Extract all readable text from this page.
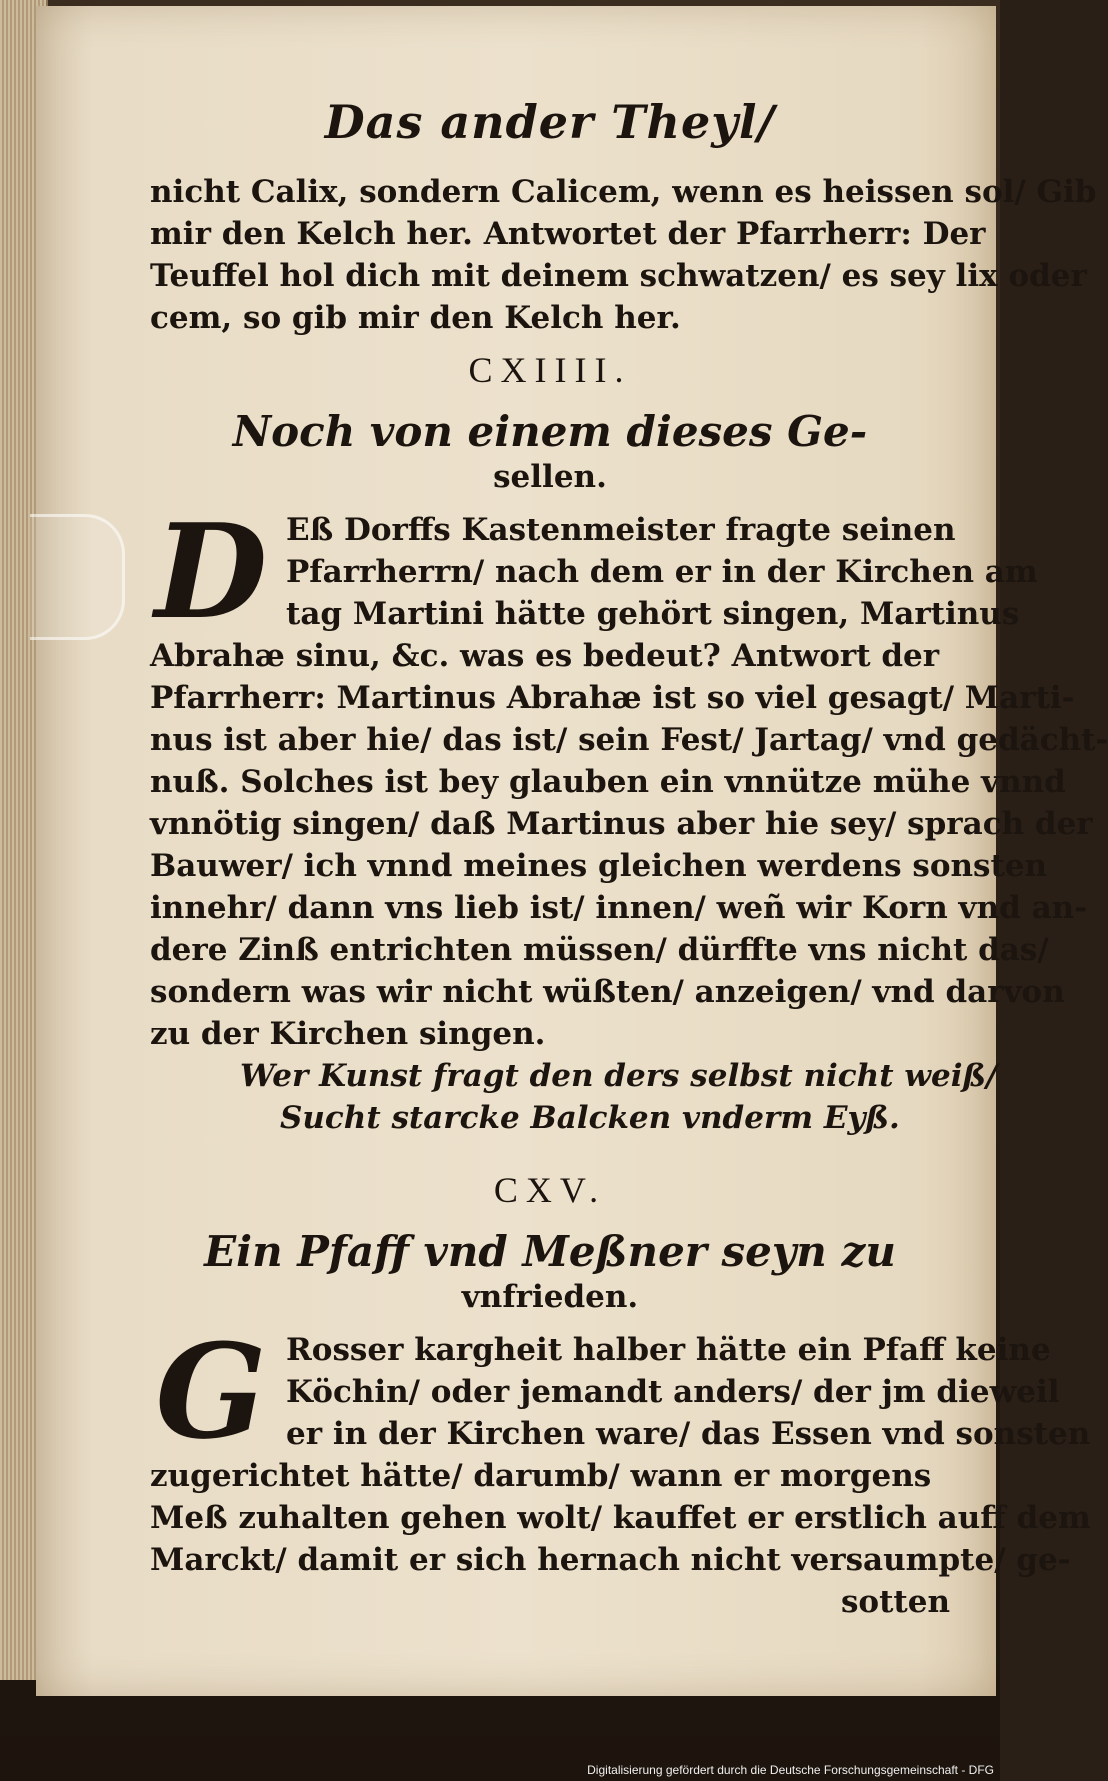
Das ander Theyl/
nicht Calix, sondern Calicem, wenn es heissen sol/ Gib
mir den Kelch her. Antwortet der Pfarrherr: Der
Teuffel hol dich mit deinem schwatzen/ es sey lix oder
cem, so gib mir den Kelch her.
CXIIII.
Noch von einem dieses Ge-
sellen.
D Eß Dorffs Kastenmeister fragte seinen
Pfarrherrn/ nach dem er in der Kirchen am
tag Martini hätte gehört singen, Martinus
Abrahæ sinu, &c. was es bedeut? Antwort der
Pfarrherr: Martinus Abrahæ ist so viel gesagt/ Marti-
nus ist aber hie/ das ist/ sein Fest/ Jartag/ vnd gedächt-
nuß. Solches ist bey glauben ein vnnütze mühe vnnd
vnnötig singen/ daß Martinus aber hie sey/ sprach der
Bauwer/ ich vnnd meines gleichen werdens sonsten
innehr/ dann vns lieb ist/ innen/ weñ wir Korn vnd an-
dere Zinß entrichten müssen/ dürffte vns nicht das/
sondern was wir nicht wüßten/ anzeigen/ vnd darvon
zu der Kirchen singen.
Wer Kunst fragt den ders selbst nicht weiß/
Sucht starcke Balcken vnderm Eyß.
CXV.
Ein Pfaff vnd Meßner seyn zu
vnfrieden.
G Rosser kargheit halber hätte ein Pfaff keine
Köchin/ oder jemandt anders/ der jm dieweil
er in der Kirchen ware/ das Essen vnd sonsten
zugerichtet hätte/ darumb/ wann er morgens
Meß zuhalten gehen wolt/ kauffet er erstlich auff dem
Marckt/ damit er sich hernach nicht versaumpte/ ge-
sotten
Digitalisierung gefördert durch die Deutsche Forschungsgemeinschaft - DFG
